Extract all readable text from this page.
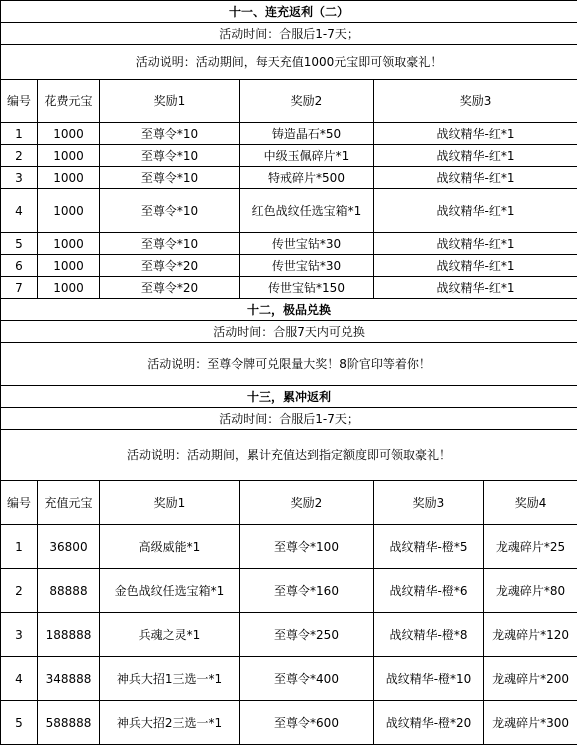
十一、连充返利（二）					
活动时间：合服后1-7天；					
活动说明：活动期间，每天充值1000元宝即可领取豪礼！					
编号	花费元宝	奖励1	奖励2	奖励3	
1	1000	至尊令*10	铸造晶石*50	战纹精华-红*1	
2	1000	至尊令*10	中级玉佩碎片*1	战纹精华-红*1	
3	1000	至尊令*10	特戒碎片*500	战纹精华-红*1	
4	1000	至尊令*10	红色战纹任选宝箱*1	战纹精华-红*1	
5	1000	至尊令*10	传世宝钻*30	战纹精华-红*1	
6	1000	至尊令*20	传世宝钻*30	战纹精华-红*1	
7	1000	至尊令*20	传世宝钻*150	战纹精华-红*1	
十二，极品兑换					
活动时间：合服7天内可兑换					
活动说明：至尊令牌可兑限量大奖！8阶官印等着你！					
十三，累冲返利					
活动时间：合服后1-7天；					
活动说明：活动期间，累计充值达到指定额度即可领取豪礼！					
编号	充值元宝	奖励1	奖励2	奖励3	奖励4
1	36800	高级威能*1	至尊令*100	战纹精华-橙*5	龙魂碎片*25
2	88888	金色战纹任选宝箱*1	至尊令*160	战纹精华-橙*6	龙魂碎片*80
3	188888	兵魂之灵*1	至尊令*250	战纹精华-橙*8	龙魂碎片*120
4	348888	神兵大招1三选一*1	至尊令*400	战纹精华-橙*10	龙魂碎片*200
5	588888	神兵大招2三选一*1	至尊令*600	战纹精华-橙*20	龙魂碎片*300
